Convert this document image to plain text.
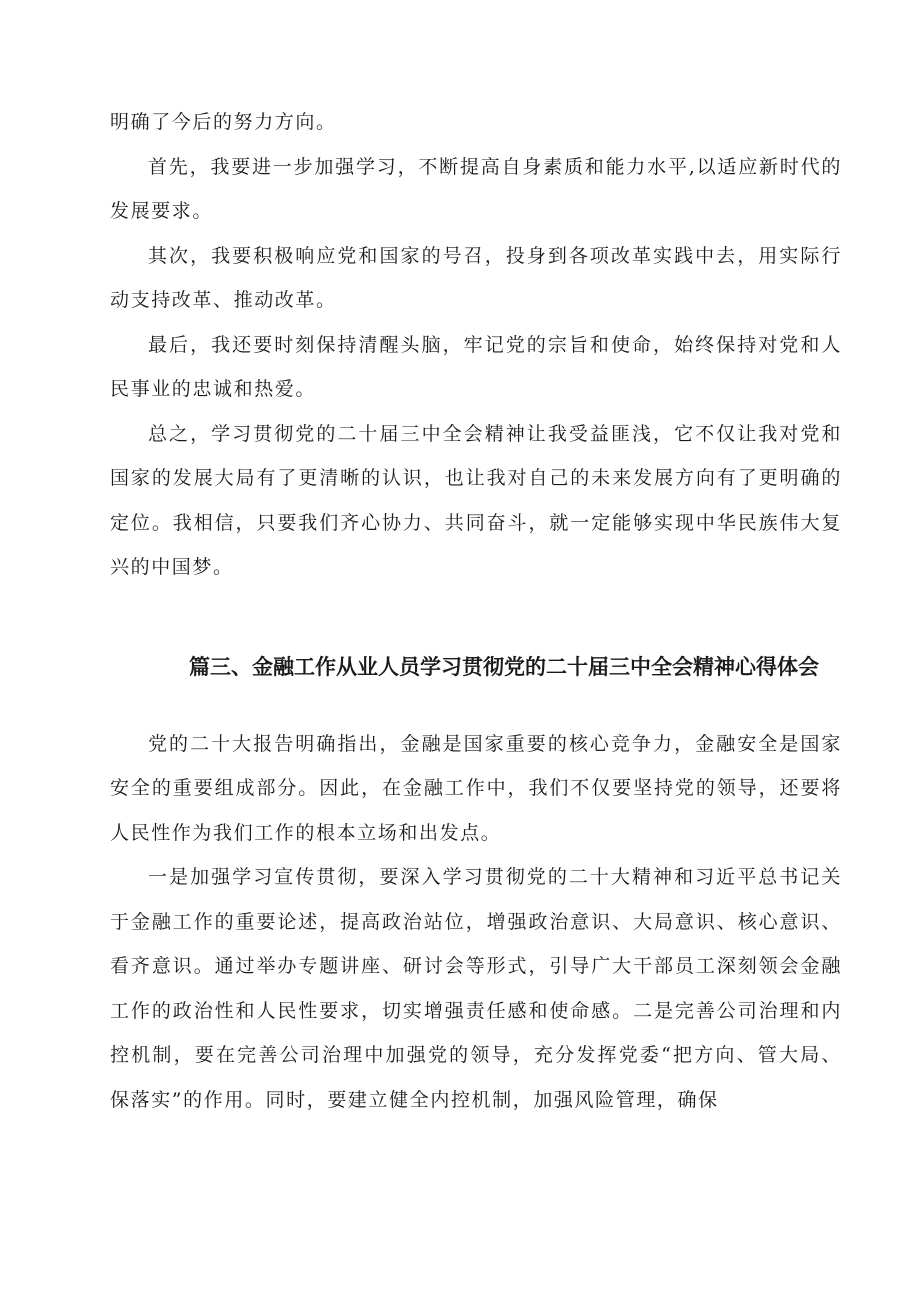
明确了今后的努力方向。

首先，我要进一步加强学习，不断提高自身素质和能力水平,以适应新时代的发展要求。

其次，我要积极响应党和国家的号召，投身到各项改革实践中去，用实际行动支持改革、推动改革。

最后，我还要时刻保持清醒头脑，牢记党的宗旨和使命，始终保持对党和人民事业的忠诚和热爱。

总之，学习贯彻党的二十届三中全会精神让我受益匪浅，它不仅让我对党和国家的发展大局有了更清晰的认识，也让我对自己的未来发展方向有了更明确的定位。我相信，只要我们齐心协力、共同奋斗，就一定能够实现中华民族伟大复兴的中国梦。

篇三、金融工作从业人员学习贯彻党的二十届三中全会精神心得体会

党的二十大报告明确指出，金融是国家重要的核心竞争力，金融安全是国家安全的重要组成部分。因此，在金融工作中，我们不仅要坚持党的领导，还要将人民性作为我们工作的根本立场和出发点。

一是加强学习宣传贯彻，要深入学习贯彻党的二十大精神和习近平总书记关于金融工作的重要论述，提高政治站位，增强政治意识、大局意识、核心意识、看齐意识。通过举办专题讲座、研讨会等形式，引导广大干部员工深刻领会金融工作的政治性和人民性要求，切实增强责任感和使命感。二是完善公司治理和内控机制，要在完善公司治理中加强党的领导，充分发挥党委“把方向、管大局、保落实”的作用。同时，要建立健全内控机制，加强风险管理，确保
